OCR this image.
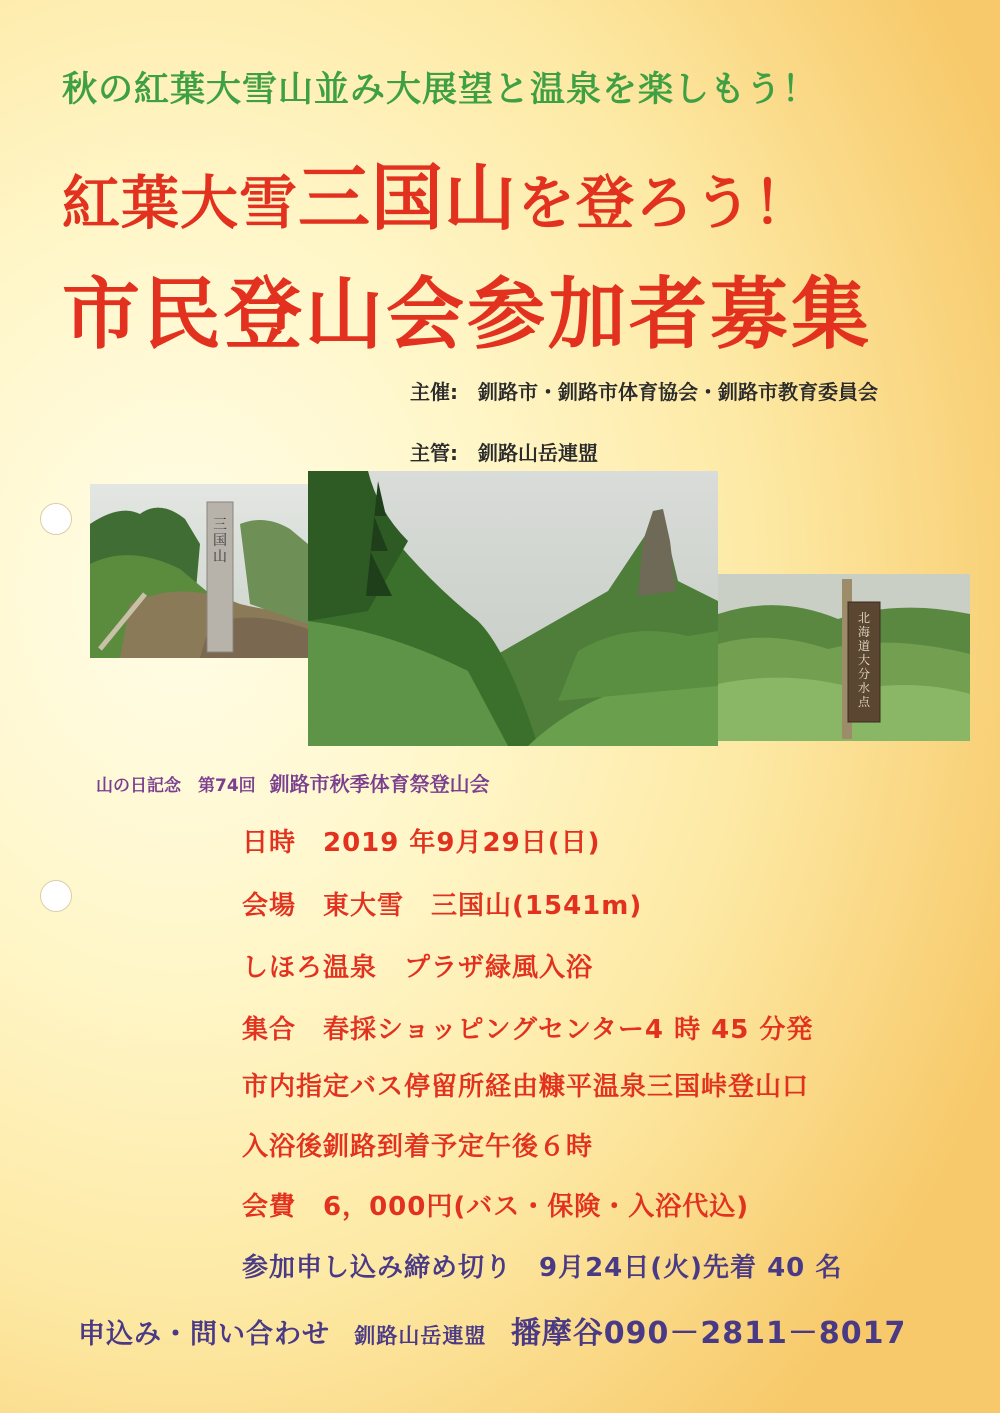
秋の紅葉大雪山並み大展望と温泉を楽しもう！
紅葉大雪三国山を登ろう！
市民登山会参加者募集
主催:　釧路市・釧路市体育協会・釧路市教育委員会
主管:　釧路山岳連盟
三国山
北海道大分水点
山の日記念　第74回 釧路市秋季体育祭登山会
日時　2019 年9月29日(日)
会場　東大雪　三国山(1541m)
しほろ温泉　プラザ緑風入浴
集合　春採ショッピングセンター4 時 45 分発
市内指定バス停留所経由糠平温泉三国峠登山口
入浴後釧路到着予定午後６時
会費　6，000円(バス・保険・入浴代込)
参加申し込み締め切り　9月24日(火)先着 40 名
申込み・問い合わせ 釧路山岳連盟 播摩谷090－2811－8017
